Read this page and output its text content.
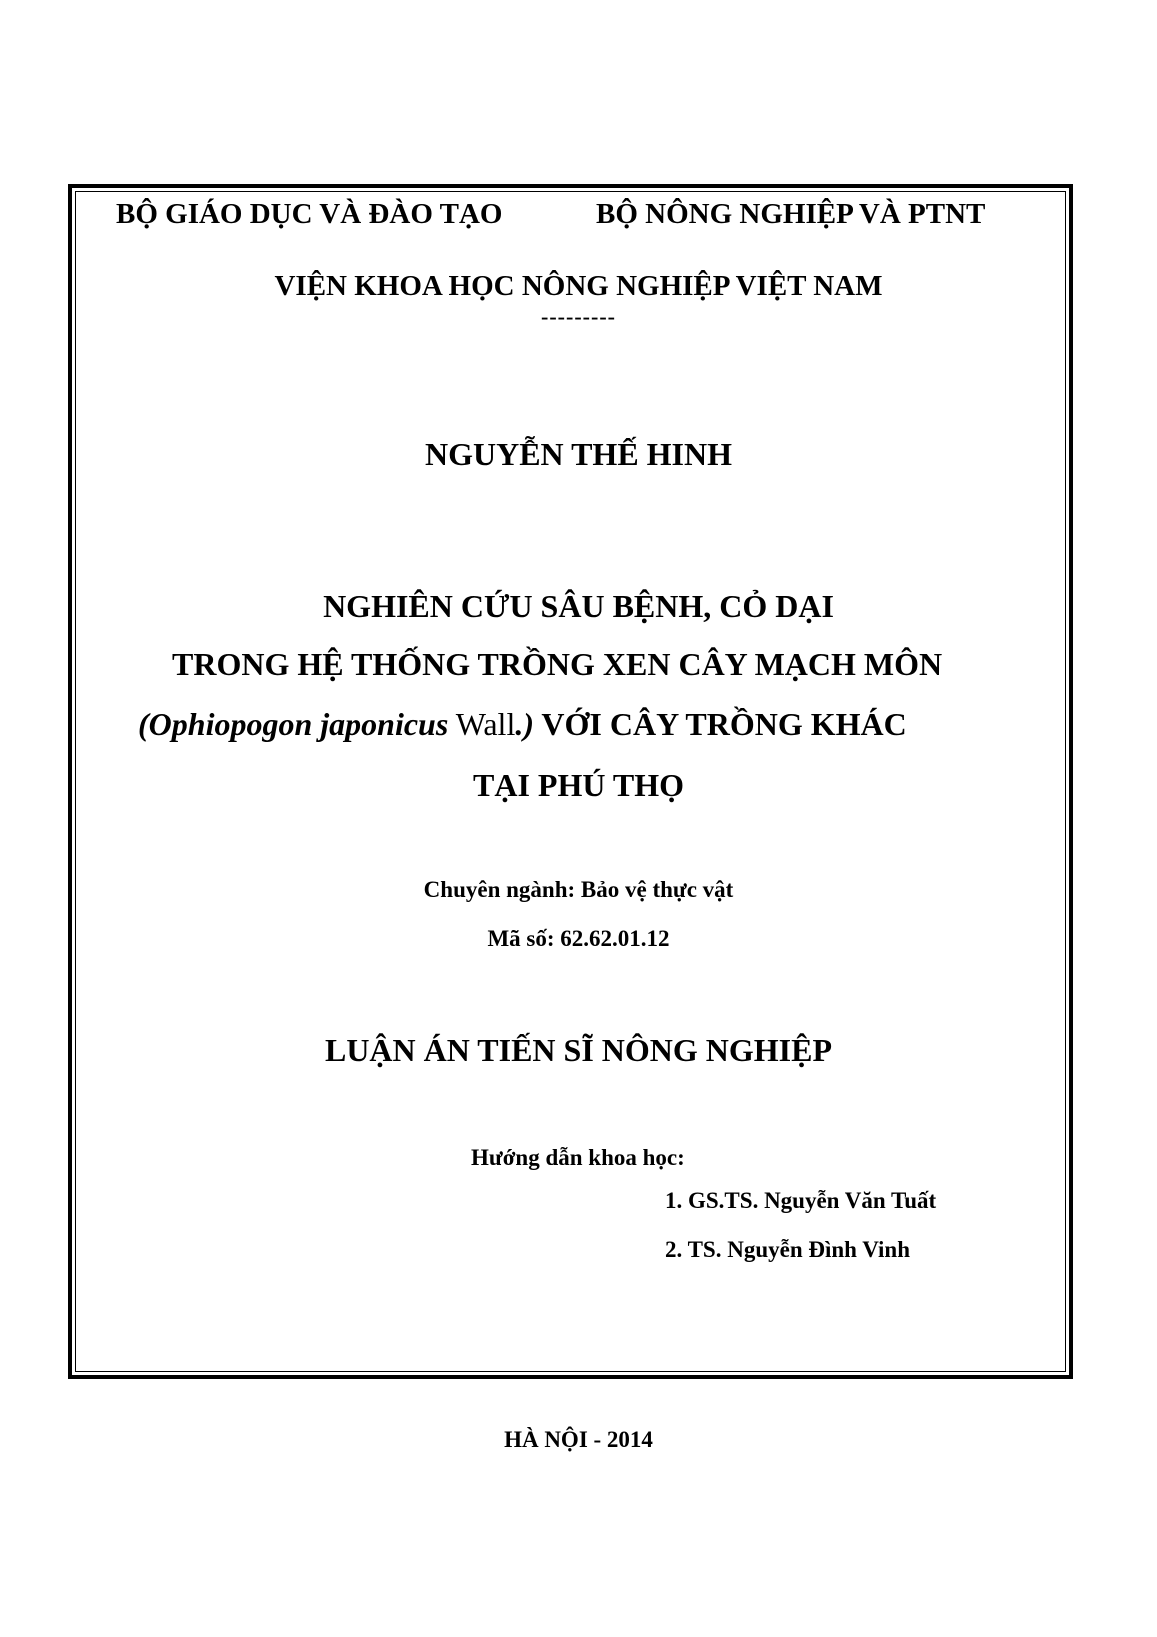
BỘ GIÁO DỤC VÀ ĐÀO TẠO	BỘ NÔNG NGHIỆP VÀ PTNT
VIỆN KHOA HỌC NÔNG NGHIỆP VIỆT NAM
---------
NGUYỄN THẾ HINH
NGHIÊN CỨU SÂU BỆNH, CỎ DẠI
TRONG HỆ THỐNG TRỒNG XEN CÂY MẠCH MÔN
(Ophiopogon japonicus Wall.) VỚI CÂY TRỒNG KHÁC
TẠI PHÚ THỌ
Chuyên ngành: Bảo vệ thực vật
Mã số: 62.62.01.12
LUẬN ÁN TIẾN SĨ NÔNG NGHIỆP
Hướng dẫn khoa học:
1. GS.TS. Nguyễn Văn Tuất
2. TS. Nguyễn Đình Vinh
HÀ NỘI - 2014
